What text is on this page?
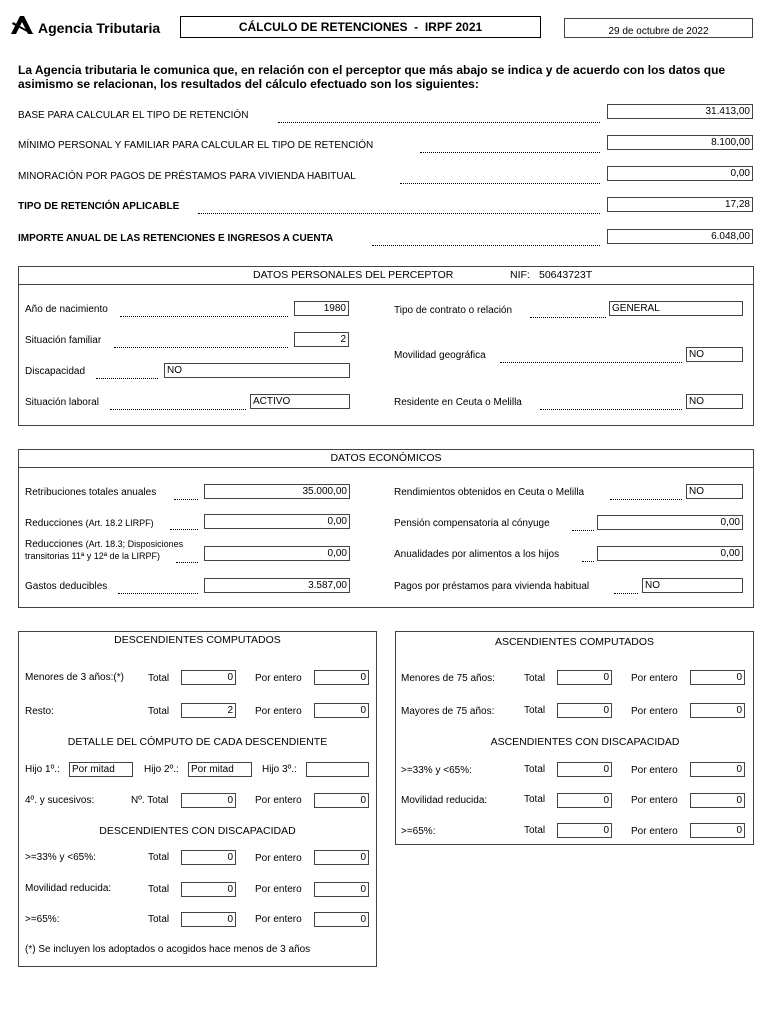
Agencia Tributaria	CÁLCULO DE RETENCIONES  -  IRPF 2021	29 de octubre de 2022
La Agencia tributaria le comunica que, en relación con el perceptor que más abajo se indica y de acuerdo con los datos que asimismo se relacionan, los resultados del cálculo efectuado son los siguientes:
BASE PARA CALCULAR EL TIPO DE RETENCIÓN	31.413,00
MÍNIMO PERSONAL Y FAMILIAR PARA CALCULAR EL TIPO DE RETENCIÓN	8.100,00
MINORACIÓN POR PAGOS DE PRÉSTAMOS PARA VIVIENDA HABITUAL	0,00
TIPO DE RETENCIÓN APLICABLE	17,28
IMPORTE ANUAL DE LAS RETENCIONES E INGRESOS A CUENTA	6.048,00
DATOS PERSONALES DEL PERCEPTOR	NIF: 50643723T
Año de nacimiento	1980
Situación familiar	2
Discapacidad	NO
Situación laboral	ACTIVO
Tipo de contrato o relación	GENERAL
Movilidad geográfica	NO
Residente en Ceuta o Melilla	NO
DATOS ECONÓMICOS
Retribuciones totales anuales	35.000,00
Reducciones (Art. 18.2 LIRPF)	0,00
Reducciones (Art. 18.3; Disposiciones
transitorias 11ª y 12ª de la LIRPF)	0,00
Gastos deducibles	3.587,00
Rendimientos obtenidos en Ceuta o Melilla	NO
Pensión compensatoria al cónyuge	0,00
Anualidades por alimentos a los hijos	0,00
Pagos por préstamos para vivienda habitual	NO
DESCENDIENTES COMPUTADOS
Menores de 3 años:(*) Total	0	Por entero	0
Resto:	Total	2	Por entero	0
DETALLE DEL CÓMPUTO DE CADA DESCENDIENTE
Hijo 1º.:	Por mitad	Hijo 2º.:	Por mitad	Hijo 3º.:
4º. y sucesivos:	Nº. Total	0	Por entero	0
DESCENDIENTES CON DISCAPACIDAD
>=33% y <65%:	Total	0	Por entero	0
Movilidad reducida:	Total	0	Por entero	0
>=65%:	Total	0	Por entero	0
(*) Se incluyen los adoptados o acogidos hace menos de 3 años
ASCENDIENTES COMPUTADOS
Menores de 75 años:	Total	0	Por entero	0
Mayores de 75 años:	Total	0	Por entero	0
ASCENDIENTES CON DISCAPACIDAD
>=33% y <65%:	Total	0	Por entero	0
Movilidad reducida:	Total	0	Por entero	0
>=65%:	Total	0	Por entero	0
